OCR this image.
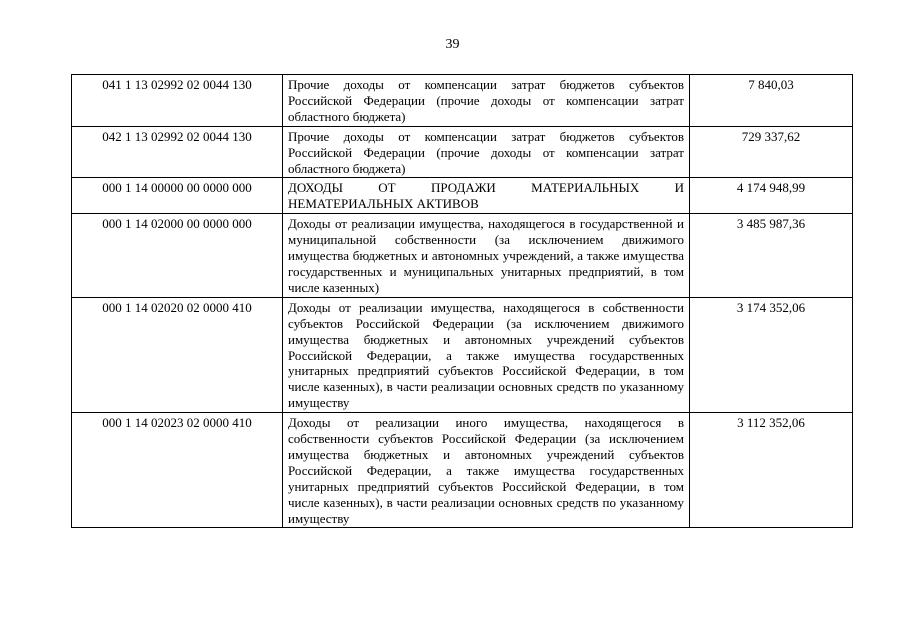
39
041 1 13 02992 02 0044 130	Прочие доходы от компенсации затрат бюджетов субъектов Российской Федерации (прочие доходы от компенсации затрат областного бюджета)	7 840,03
042 1 13 02992 02 0044 130	Прочие доходы от компенсации затрат бюджетов субъектов Российской Федерации (прочие доходы от компенсации затрат областного бюджета)	729 337,62
000 1 14 00000 00 0000 000	ДОХОДЫ ОТ ПРОДАЖИ МАТЕРИАЛЬНЫХ И НЕМАТЕРИАЛЬНЫХ АКТИВОВ	4 174 948,99
000 1 14 02000 00 0000 000	Доходы от реализации имущества, находящегося в государственной и муниципальной собственности (за исключением движимого имущества бюджетных и автономных учреждений, а также имущества государственных и муниципальных унитарных предприятий, в том числе казенных)	3 485 987,36
000 1 14 02020 02 0000 410	Доходы от реализации имущества, находящегося в собственности субъектов Российской Федерации (за исключением движимого имущества бюджетных и автономных учреждений субъектов Российской Федерации, а также имущества государственных унитарных предприятий субъектов Российской Федерации, в том числе казенных), в части реализации основных средств по указанному имуществу	3 174 352,06
000 1 14 02023 02 0000 410	Доходы от реализации иного имущества, находящегося в собственности субъектов Российской Федерации (за исключением имущества бюджетных и автономных учреждений субъектов Российской Федерации, а также имущества государственных унитарных предприятий субъектов Российской Федерации, в том числе казенных), в части реализации основных средств по указанному имуществу	3 112 352,06
